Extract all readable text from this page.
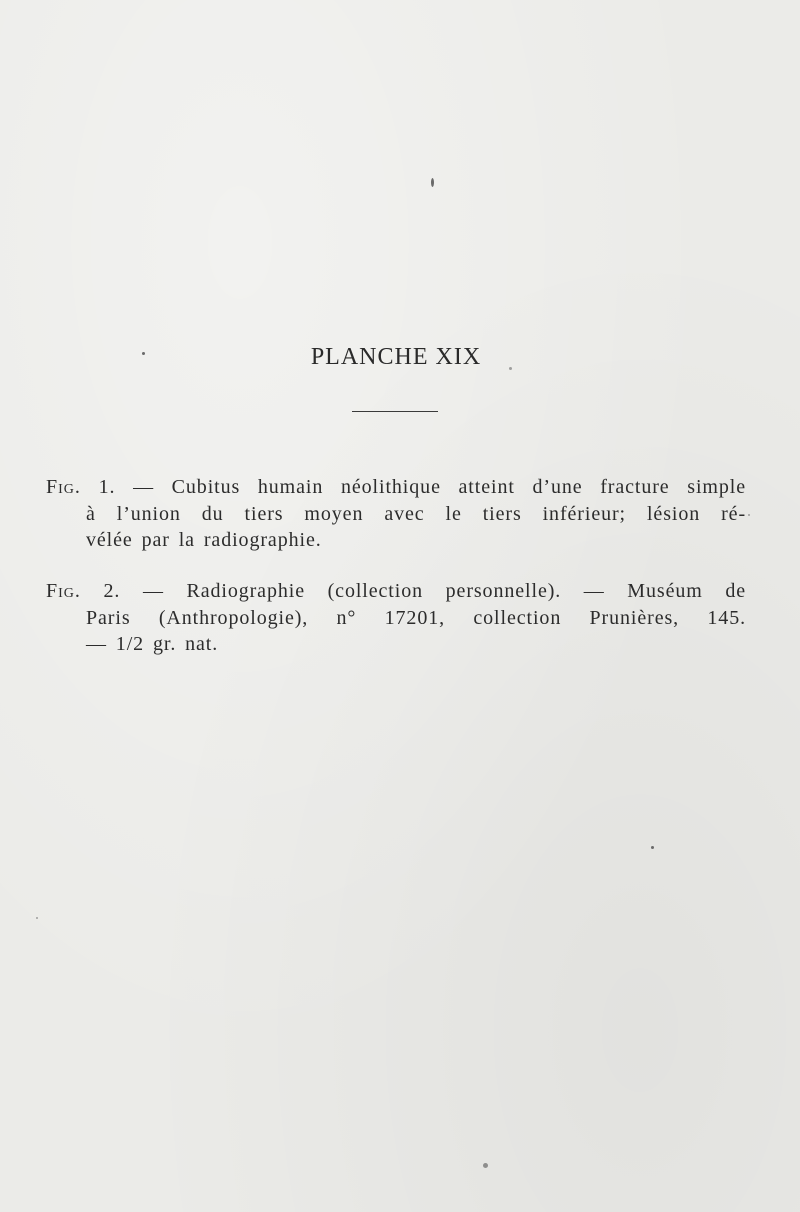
PLANCHE XIX
Fig. 1. — Cubitus humain néolithique atteint d’une fracture simple
à l’union du tiers moyen avec le tiers inférieur; lésion ré-
vélée par la radiographie.
Fig. 2. — Radiographie (collection personnelle). — Muséum de
Paris (Anthropologie), n° 17201, collection Prunières, 145.
— 1/2 gr. nat.
